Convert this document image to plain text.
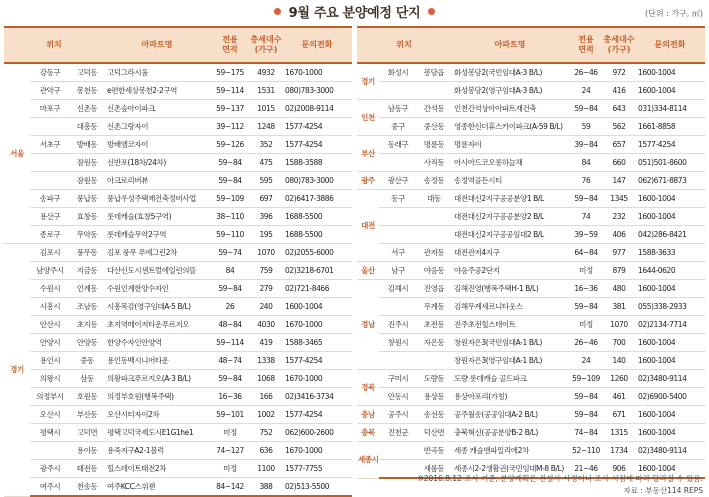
9월 주요 분양예정 단지	(단위 : 가구, ㎡)
위치			아파트명	전용
면적	총세대수
(가구)	문의전화
서울	강동구	고덕동	고덕그라시움	59~175	4932	1670-1000
	관악구	봉천동	e편한세상봉천2-2구역	59~114	1531	080)783-3000
	마포구	신촌동	신촌숲아이파크	59~137	1015	02)2008-9114
		대흥동	신촌그랑자이	39~112	1248	1577-4254
	서초구	방배동	방배엠코자이	59~126	352	1577-4254
		잠원동	신반포(18차/24차)	59~84	475	1588-3588
		잠원동	아크로리버뷰	59~84	595	080)783-3000
	송파구	풍납동	풍납우성주택재건축정비사업	59~109	697	02)6417-3886
	용산구	효창동	롯데캐슬(효창5구역)	38~110	396	1688-5500
	종로구	무악동	롯데캐슬무악2구역	59~110	195	1688-5500
경기	김포시	풍무동	김포 풍무 푸에그린2차	59~74	1070	02)2055-6000
	남양주시	지금동	다산신도시센트럴에일린의뜰	84	759	02)3218-6701
	수원시	인계동	수원인계한양수자인	59~84	279	02)721-8466
	시흥시	조남동	시흥목감(영구임대A-5 B/L)	26	240	1600-1004
	안산시	초지동	초지역메이저타운푸르지오	48~84	4030	1670-1000
	안양시	안양동	한양수자인안양역	59~114	419	1588-3465
	용인시	중동	용인동백시니어타운	48~74	1338	1577-4254
	의왕시	삼동	의왕파크푸르지오(A-3 B/L)	59~84	1068	1670-1000
	의정부시	호원동	의정부호원(행복주택)	16~36	166	02)3416-3734
	오산시	부산동	오산시티자이2차	59~101	1002	1577-4254
	평택시	고덕면	평택고덕국제도시E1G1he1	미정	752	062)600-2600
		용이동	용죽지구A2-1블럭	74~127	636	1670-1000
	광주시	태전동	힐스테이트태전2차	미정	1100	1577-7755
	여주시	천송동	여주KCC스위첸	84~142	388	02)513-5500
위치			아파트명	전용
면적	총세대수
(가구)	문의전화
경기	화성시	봉담읍	화성봉담2(국민임대A-3 B/L)	26~46	972	1600-1004
			화성봉담2(영구임대A-3 B/L)	24	416	1600-1004
인천	남동구	간석동	인천간석상아아파트재건축	59~84	643	031)334-8114
	중구	중산동	영종한신더휴스카이파크(A-59 B/L)	59	562	1661-8858
부산	동래구	명륜동	명륜자이	39~84	657	1577-4254
		사직동	아시아드코오롱하늘채	84	660	051)501-8600
광주	광산구	송정동	송정역골든시티	76	147	062)671-8873
대전	동구	대동	대전대신2지구공공분양1 B/L	59~84	1345	1600-1004
			대전대신2지구공공분양2 B/L	74	232	1600-1004
			대전대신2지구공공임대2 B/L	39~59	406	042)286-8421
	서구	관저동	대전관저4지구	64~84	977	1588-3633
울산	남구	야음동	야음주공2단지	미정	879	1644-0620
경남	김해시	진영읍	김해진영(행복주택H-1 B/L)	16~36	480	1600-1004
		무계동	김해무계세르니타웃스	59~84	381	055)338-2933
	진주시	초전동	진주초전힐스테이트	미정	1070	02)2134-7714
	창원시	자은동	창원자은3(국민임대A-1 B/L)	26~46	700	1600-1004
			창원자은3(영구임대A-1 B/L)	24	140	1600-1004
경북	구미시	도량동	도량 롯데캐슬 골드파크	59~109	1260	02)3480-9114
	안동시	용상동	용상아포리(가칭)	59~84	461	02)6900-5400
충남	공주시	송선동	공주월송(공공임대A-2 B/L)	59~84	671	1600-1004
충북	진천군	덕산면	충북혁신(공공분양B-2 B/L)	74~84	1315	1600-1004
세종시		반곡동	세종 캐슬앤파밀리에2차	52~110	1734	02)3480-9114
		새롬동	세종시2-2생활권(국민임대M-8 B/L)	21~46	906	1600-1004
※2016.8.12 조사 기준, 분양계획은 건설사 사정이나 조사 시점에 따라 달라질 수 있음.
자료 : 부동산114 REPS
